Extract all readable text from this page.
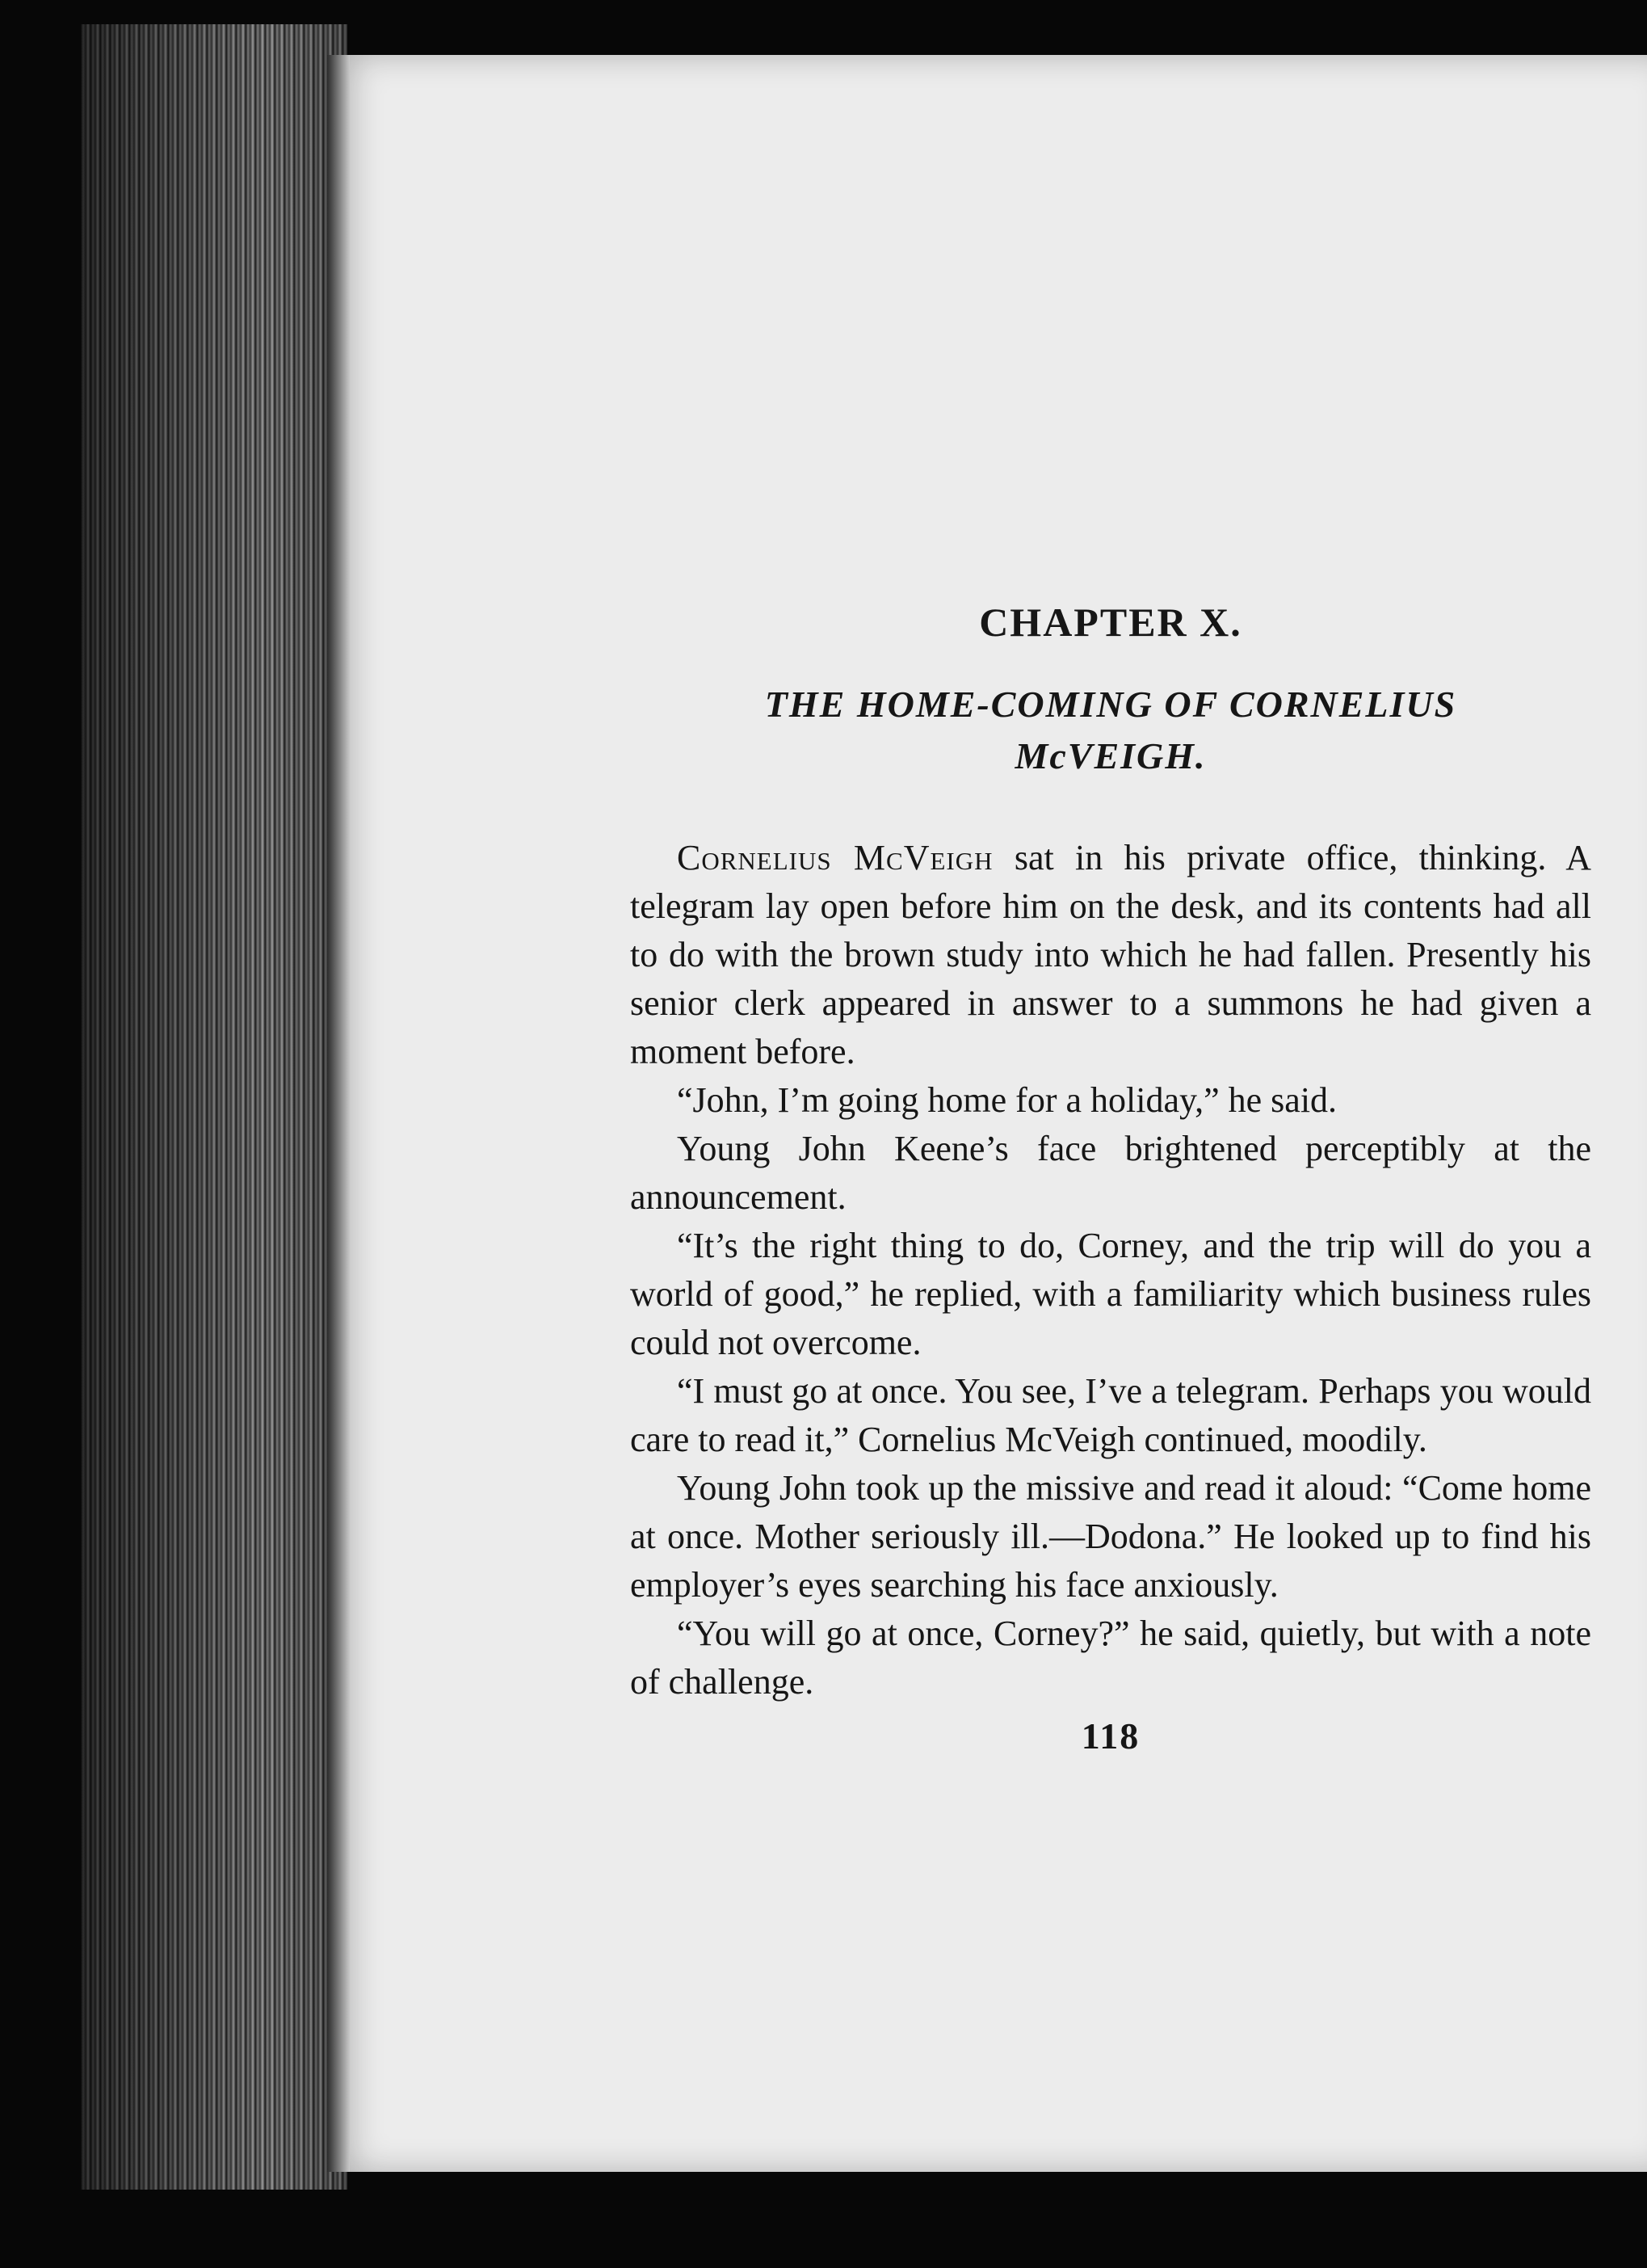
CHAPTER X.
THE HOME-COMING OF CORNELIUS
McVEIGH.

Cornelius McVeigh sat in his private office, thinking. A telegram lay open before him on the desk, and its contents had all to do with the brown study into which he had fallen. Presently his senior clerk appeared in answer to a summons he had given a moment before.

“John, I’m going home for a holiday,” he said.

Young John Keene’s face brightened perceptibly at the announcement.

“It’s the right thing to do, Corney, and the trip will do you a world of good,” he replied, with a familiarity which business rules could not overcome.

“I must go at once. You see, I’ve a telegram. Perhaps you would care to read it,” Cornelius McVeigh continued, moodily.

Young John took up the missive and read it aloud: “Come home at once. Mother seriously ill.—Dodona.” He looked up to find his employer’s eyes searching his face anxiously.

“You will go at once, Corney?” he said, quietly, but with a note of challenge.

118
